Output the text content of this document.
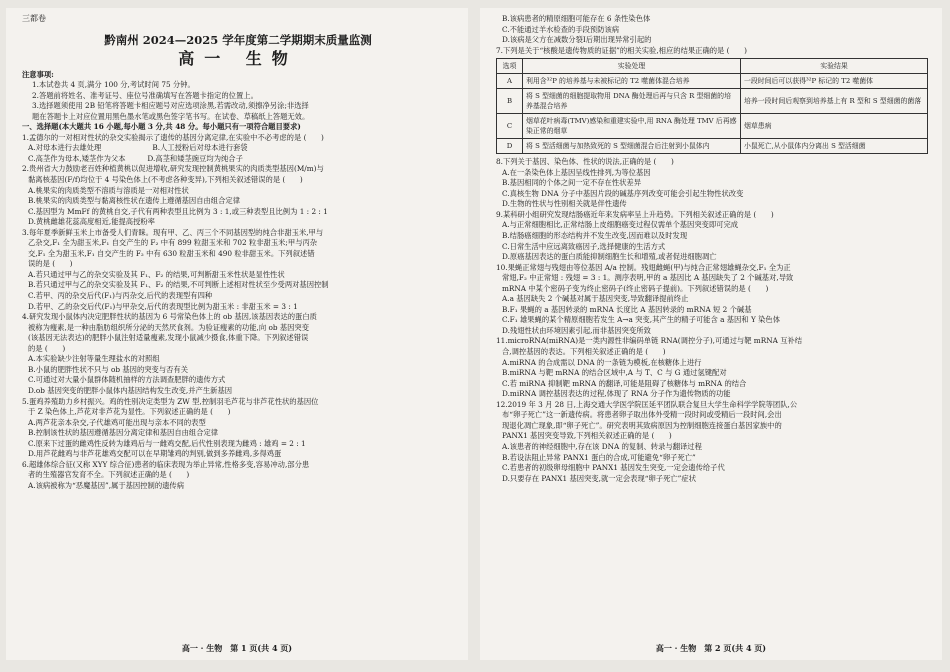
三都卷

黔南州 2024—2025 学年度第二学期期末质量监测

高一 生物

注意事项:

1.本试卷共 4 页,满分 100 分,考试时间 75 分钟。

2.答题前将姓名、准考证号、座位号准确填写在答题卡指定的位置上。

3.选择题须使用 2B 铅笔将答题卡相应题号对应选项涂黑,若需改动,须擦净另涂;非选择

题在答题卡上对应位置用黑色墨水笔或黑色签字笔书写。在试卷、草稿纸上答题无效。

一、选择题(本大题共 16 小题,每小题 3 分,共 48 分。每小题只有一项符合题目要求)

1.孟德尔的一对相对性状的杂交实验揭示了遗传的基因分离定律,在实验中不必考虑的是 (　　)

A.对母本进行去雄处理　　　　　　　B.人工授粉后对母本进行套袋

C.高茎作为母本,矮茎作为父本　　　D.高茎和矮茎豌豆均为纯合子

2.贵州省大力鼓励老百姓种植黄桃以促进增收,研究发现控制黄桃果实的肉质类型基因(M/m)与

黏离核基因(F/f)均位于 4 号染色体上(不考虑各种变异),下列相关叙述错误的是 (　　)

A.桃果实的肉质类型不溶质与溶质是一对相对性状

B.桃果实的肉质类型与黏离核性状在遗传上遵循基因自由组合定律

C.基因型为 MmFf 的黄桃自交,子代有两种表型且比例为 3 : 1,或三种表型且比例为 1 : 2 : 1

D.黄桃雌雄花蕊高度相近,能提高授粉率

3.每年夏季新鲜玉米上市备受人们青睐。现有甲、乙、丙三个不同基因型的纯合非甜玉米,甲与

乙杂交,F₁ 全为甜玉米,F₁ 自交产生的 F₂ 中有 899 粒甜玉米和 702 粒非甜玉米;甲与丙杂

交,F₁ 全为甜玉米,F₁ 自交产生的 F₂ 中有 630 粒甜玉米和 490 粒非甜玉米。下列叙述错

误的是 (　　)

A.若只通过甲与乙的杂交实验及其 F₁、F₂ 的结果,可判断甜玉米性状是显性性状

B.若只通过甲与乙的杂交实验及其 F₁、F₂ 的结果,不可判断上述相对性状至少受两对基因控制

C.若甲、丙的杂交后代(F₁)与丙杂交,后代的表现型有四种

D.若甲、乙的杂交后代(F₁)与甲杂交,后代的表现型比例为甜玉米 : 非甜玉米 = 3 : 1

4.研究发现小鼠体内决定肥胖性状的基因为 6 号常染色体上的 ob 基因,该基因表达的蛋白质

被称为瘦素,是一种由脂肪组织所分泌的天然厌食剂。为验证瘦素的功能,向 ob 基因突变

(该基因无法表达)的肥胖小鼠注射适量瘦素,发现小鼠减少摄食,体重下降。下列叙述错误

的是 (　　)

A.本实验缺少注射等量生理盐水的对照组

B.小鼠的肥胖性状不只与 ob 基因的突变与否有关

C.可通过对大量小鼠群体随机抽样的方法调查肥胖的遗传方式

D.ob 基因突变的肥胖小鼠体内基因结构发生改变,并产生新基因

5.蛋鸡养殖助力乡村振兴。鸡的性别决定类型为 ZW 型,控制羽毛芦花与非芦花性状的基因位

于 Z 染色体上,芦花对非芦花为显性。下列叙述正确的是 (　　)

A.两芦花亲本杂交,子代雄鸡可能出现与亲本不同的表型

B.控制该性状的基因遵循基因分离定律和基因自由组合定律

C.原来下过蛋的雌鸡性反转为雄鸡后与一雌鸡交配,后代性别表现为雌鸡 : 雄鸡 = 2 : 1

D.用芦花雌鸡与非芦花雄鸡交配可以在早期雏鸡的判别,做到多养雌鸡,多得鸡蛋

6.超雄体综合征(又称 XYY 综合征)患者的临床表现为举止异常,性格多变,容易冲动,部分患

者的生殖器官发育不全。下列叙述正确的是 (　　)

A.该病被称为“恶魔基因”,属于基因控制的遗传病

高一 · 生物　第 1 页(共 4 页)

B.该病患者的精原细胞可能存在 6 条性染色体

C.不能通过羊水检查的手段预防该病

D.该病是父方在减数分裂Ⅰ后期出现异常引起的

7.下列是关于“核酸是遗传物质的证据”的相关实验,相应的结果正确的是 (　　)

选项	实验处理	实验结果
A	利用含³²P 的培养基与未被标记的 T2 噬菌体混合培养	一段时间后可以获得³²P 标记的 T2 噬菌体
B	将 S 型细菌的细胞提取物用 DNA 酶处理后再与只含 R 型细菌的培养基混合培养	培养一段时间后观察到培养基上有 R 型和 S 型细菌的菌落
C	烟草花叶病毒(TMV)感染和重建实验中,用 RNA 酶处理 TMV 后再感染正常的烟草	烟草患病
D	将 S 型活细菌与加热致死的 S 型细菌混合后注射到小鼠体内	小鼠死亡,从小鼠体内分离出 S 型活细菌

8.下列关于基因、染色体、性状的说法,正确的是 (　　)

A.在一条染色体上基因呈线性排列,为等位基因

B.基因相同的个体之间一定不存在性状差异

C.真核生物 DNA 分子中基因片段的碱基序列改变可能会引起生物性状改变

D.生物的性状与性别相关就是伴性遗传

9.某科研小组研究发现结肠癌近年来发病率呈上升趋势。下列相关叙述正确的是 (　　)

A.与正常细胞相比,正常结肠上皮细胞癌变过程仅需单个基因突变即可完成

B.结肠癌细胞的形态结构并不发生改变,因而难以及时发现

C.日常生活中应远离致癌因子,选择健康的生活方式

D.原癌基因表达的蛋白质能抑制细胞生长和增殖,或者促进细胞凋亡

10.果蝇正常翅与残翅由等位基因 A/a 控制。残翅雌蝇(甲)与纯合正常翅雄蝇杂交,F₁ 全为正

常翅,F₂ 中正常翅 : 残翅 = 3 : 1。测序表明,甲的 a 基因比 A 基因缺失了 2 个碱基对,导致

mRNA 中某个密码子变为终止密码子(终止密码子提前)。下列叙述错误的是 (　　)

A.a 基因缺失 2 个碱基对属于基因突变,导致翻译提前终止

B.F₁ 果蝇的 a 基因转录的 mRNA 长度比 A 基因转录的 mRNA 短 2 个碱基

C.F₁ 雄果蝇的某个精原细胞若发生 A→a 突变,其产生的精子可能含 a 基因和 Y 染色体

D.残翅性状由环境因素引起,而非基因突变所致

11.microRNA(miRNA)是一类内源性非编码单链 RNA(调控分子),可通过与靶 mRNA 互补结

合,调控基因的表达。下列相关叙述正确的是 (　　)

A.miRNA 的合成需以 DNA 的一条链为模板,在核糖体上进行

B.miRNA 与靶 mRNA 的结合区域中,A 与 T、C 与 G 通过氢键配对

C.若 miRNA 抑制靶 mRNA 的翻译,可能是阻碍了核糖体与 mRNA 的结合

D.miRNA 调控基因表达的过程,体现了 RNA 分子作为遗传物质的功能

12.2019 年 3 月 28 日,上海交通大学医学院匡延平团队联合复旦大学生命科学学院等团队,公

布“卵子死亡”这一新遗传病。将患者卵子取出体外受精一段时间或受精后一段时间,会出

现退化凋亡现象,即“卵子死亡”。研究表明其致病原因为控制细胞连接蛋白基因家族中的

PANX1 基因突变导致,下列相关叙述正确的是 (　　)

A.该患者的神经细胞中,存在该 DNA 的复制、转录与翻译过程

B.若设法阻止异常 PANX1 蛋白的合成,可能避免“卵子死亡”

C.若患者的初级卵母细胞中 PANX1 基因发生突变,一定会遗传给子代

D.只要存在 PANX1 基因突变,就一定会表现“卵子死亡”症状

高一 · 生物　第 2 页(共 4 页)
